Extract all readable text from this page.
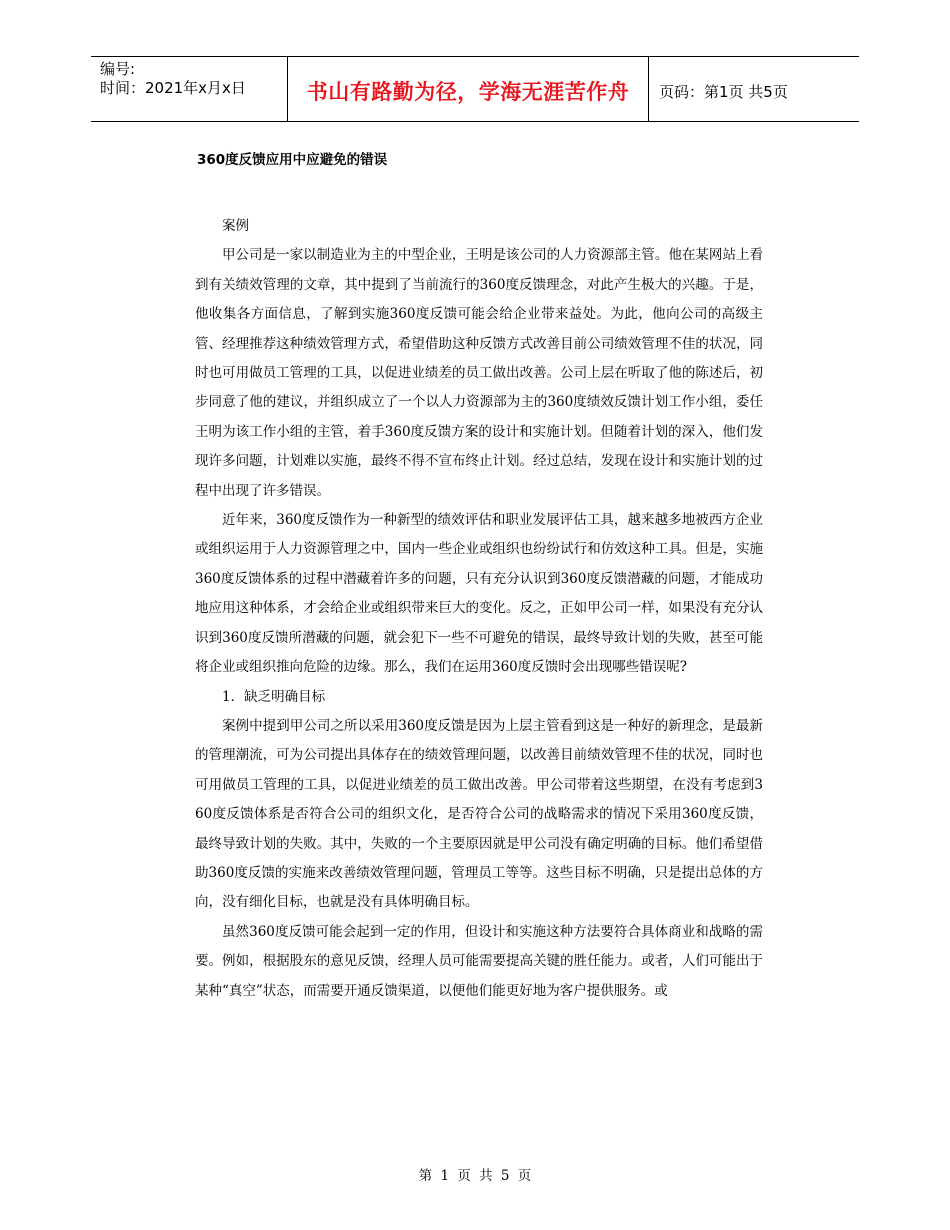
编号:
时间：2021年x月x日	书山有路勤为径，学海无涯苦作舟	页码：第1页 共5页
360度反馈应用中应避免的错误

案例

甲公司是一家以制造业为主的中型企业，王明是该公司的人力资源部主管。他在某网站上看到有关绩效管理的文章，其中提到了当前流行的360度反馈理念，对此产生极大的兴趣。于是，他收集各方面信息，了解到实施360度反馈可能会给企业带来益处。为此，他向公司的高级主管、经理推荐这种绩效管理方式，希望借助这种反馈方式改善目前公司绩效管理不佳的状况，同时也可用做员工管理的工具，以促进业绩差的员工做出改善。公司上层在听取了他的陈述后，初步同意了他的建议，并组织成立了一个以人力资源部为主的360度绩效反馈计划工作小组，委任王明为该工作小组的主管，着手360度反馈方案的设计和实施计划。但随着计划的深入，他们发现许多问题，计划难以实施，最终不得不宣布终止计划。经过总结，发现在设计和实施计划的过程中出现了许多错误。

近年来，360度反馈作为一种新型的绩效评估和职业发展评估工具，越来越多地被西方企业或组织运用于人力资源管理之中，国内一些企业或组织也纷纷试行和仿效这种工具。但是，实施360度反馈体系的过程中潜藏着许多的问题，只有充分认识到360度反馈潜藏的问题，才能成功地应用这种体系，才会给企业或组织带来巨大的变化。反之，正如甲公司一样，如果没有充分认识到360度反馈所潜藏的问题，就会犯下一些不可避免的错误，最终导致计划的失败，甚至可能将企业或组织推向危险的边缘。那么，我们在运用360度反馈时会出现哪些错误呢?

1．缺乏明确目标

案例中提到甲公司之所以采用360度反馈是因为上层主管看到这是一种好的新理念，是最新的管理潮流，可为公司提出具体存在的绩效管理问题，以改善目前绩效管理不佳的状况，同时也可用做员工管理的工具，以促进业绩差的员工做出改善。甲公司带着这些期望，在没有考虑到360度反馈体系是否符合公司的组织文化，是否符合公司的战略需求的情况下采用360度反馈，最终导致计划的失败。其中，失败的一个主要原因就是甲公司没有确定明确的目标。他们希望借助360度反馈的实施来改善绩效管理问题，管理员工等等。这些目标不明确，只是提出总体的方向，没有细化目标，也就是没有具体明确目标。

虽然360度反馈可能会起到一定的作用，但设计和实施这种方法要符合具体商业和战略的需要。例如，根据股东的意见反馈，经理人员可能需要提高关键的胜任能力。或者，人们可能出于某种“真空”状态，而需要开通反馈渠道，以便他们能更好地为客户提供服务。或

第 1 页 共 5 页
